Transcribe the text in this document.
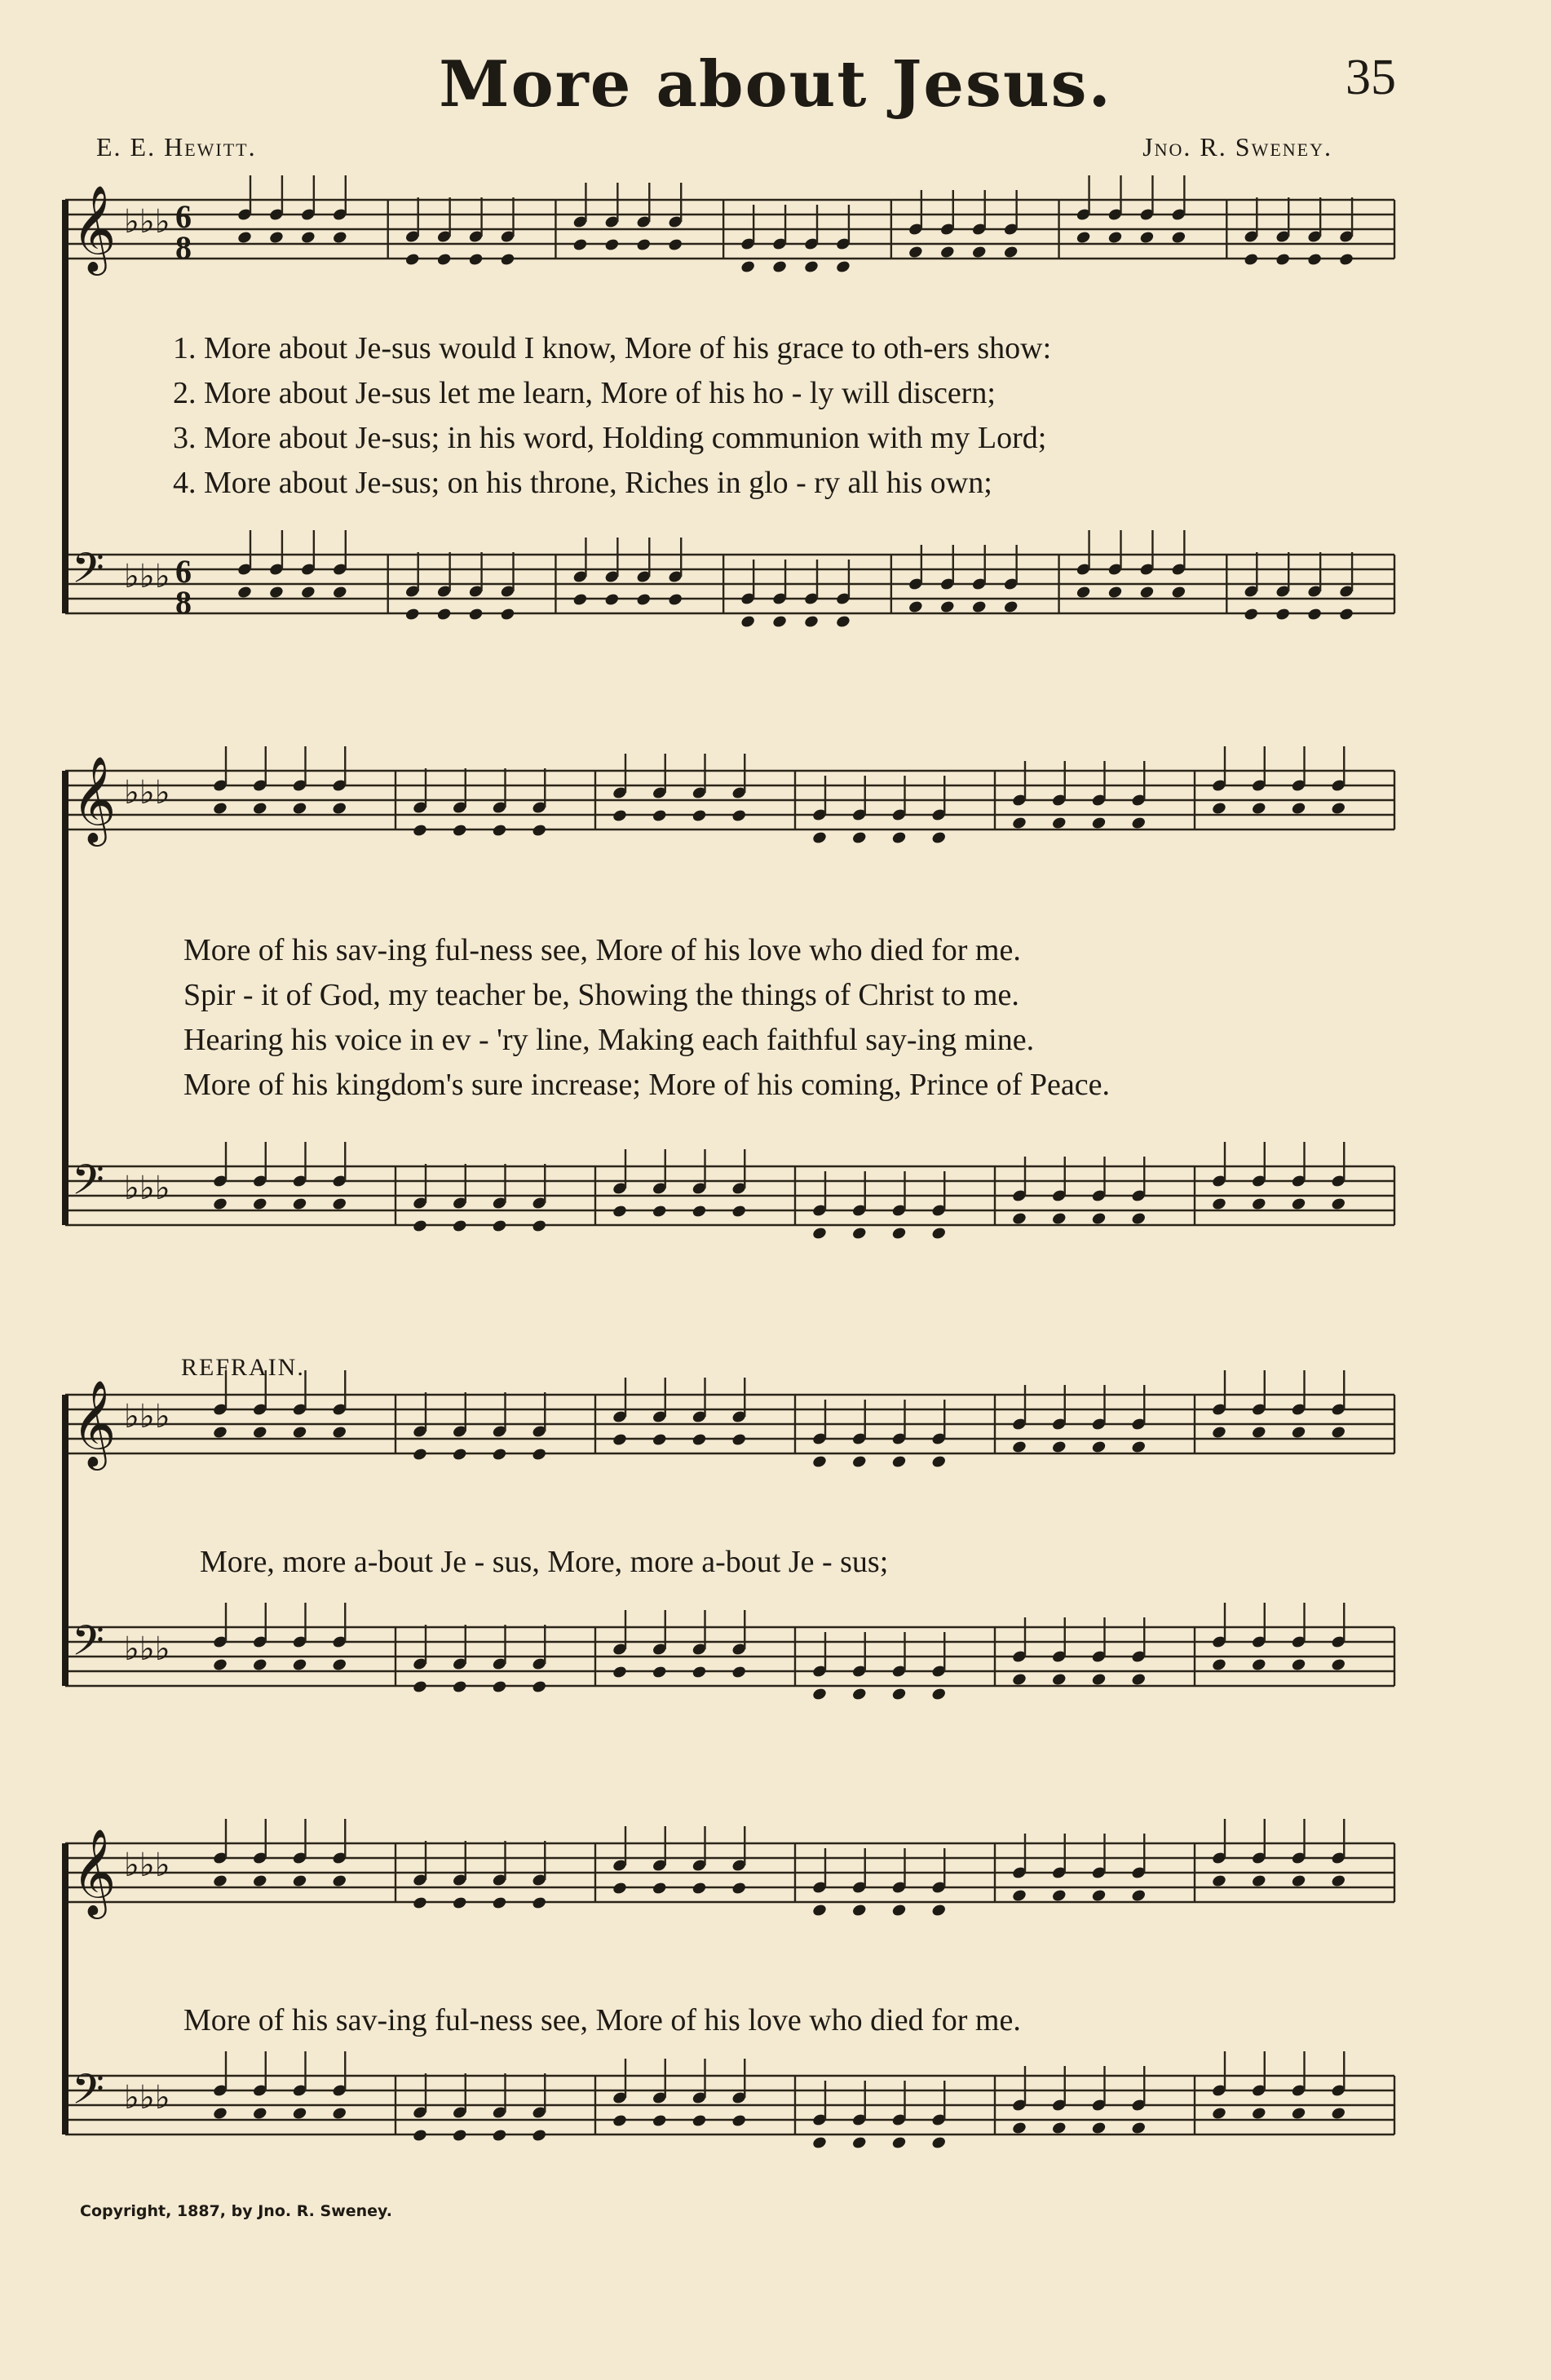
More about Jesus.	35
E. E. Hewitt.	Jno. R. Sweney.
𝄞 ♭♭♭ 6
8
𝄢 ♭♭♭ 6
8
1. More about Je-sus would I know, More of his grace to oth-ers show:
2. More about Je-sus let me learn, More of his ho - ly will discern;
3. More about Je-sus; in his word, Holding communion with my Lord;
4. More about Je-sus; on his throne, Riches in glo - ry all his own;
𝄞 ♭♭♭
𝄢 ♭♭♭
More of his sav-ing ful-ness see, More of his love who died for me.
Spir - it of God, my teacher be, Showing the things of Christ to me.
Hearing his voice in ev - 'ry line, Making each faithful say-ing mine.
More of his kingdom's sure increase; More of his coming, Prince of Peace.
REFRAIN.
𝄞 ♭♭♭
𝄢 ♭♭♭
More, more a-bout Je - sus, More, more a-bout Je - sus;
𝄞 ♭♭♭
𝄢 ♭♭♭
More of his sav-ing ful-ness see, More of his love who died for me.
Copyright, 1887, by Jno. R. Sweney.
